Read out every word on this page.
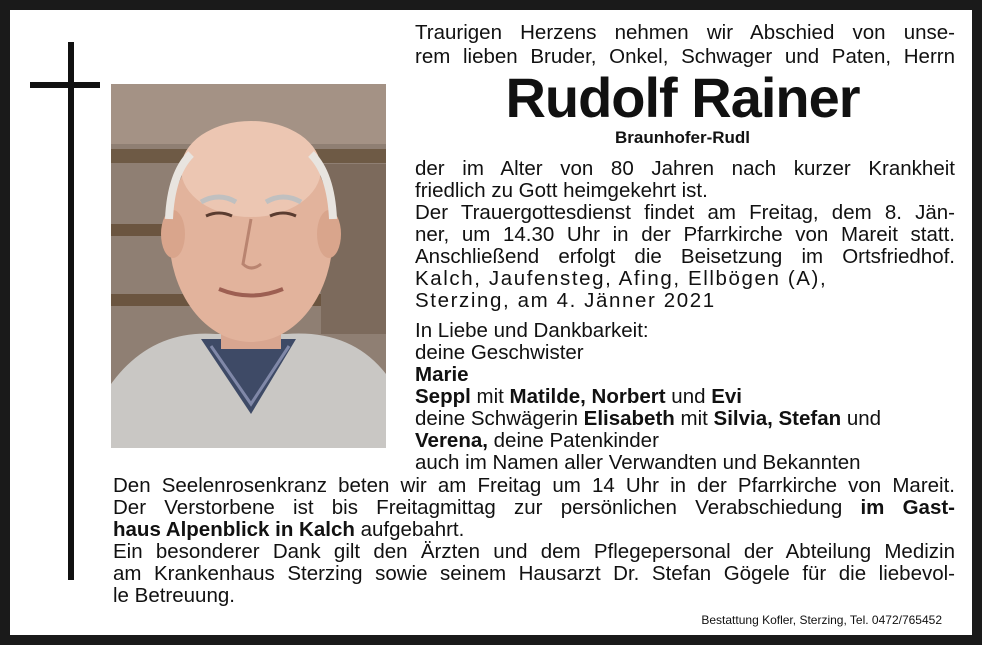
Traurigen Herzens nehmen wir Abschied von unse-
rem lieben Bruder, Onkel, Schwager und Paten, Herrn
Rudolf Rainer
Braunhofer-Rudl
der im Alter von 80 Jahren nach kurzer Krankheit
friedlich zu Gott heimgekehrt ist.
Der Trauergottesdienst findet am Freitag, dem 8. Jän-
ner, um 14.30 Uhr in der Pfarrkirche von Mareit statt.
Anschließend erfolgt die Beisetzung im Ortsfriedhof.
Kalch, Jaufensteg, Afing, Ellbögen (A),
Sterzing, am 4. Jänner 2021
In Liebe und Dankbarkeit:
deine Geschwister
Marie
Seppl mit Matilde, Norbert und Evi
deine Schwägerin Elisabeth mit Silvia, Stefan und
Verena, deine Patenkinder
auch im Namen aller Verwandten und Bekannten
Den Seelenrosenkranz beten wir am Freitag um 14 Uhr in der Pfarrkirche von Mareit.
Der Verstorbene ist bis Freitagmittag zur persönlichen Verabschiedung im Gast-
haus Alpenblick in Kalch aufgebahrt.
Ein besonderer Dank gilt den Ärzten und dem Pflegepersonal der Abteilung Medizin
am Krankenhaus Sterzing sowie seinem Hausarzt Dr. Stefan Gögele für die liebevol-
le Betreuung.
Bestattung Kofler, Sterzing, Tel. 0472/765452
